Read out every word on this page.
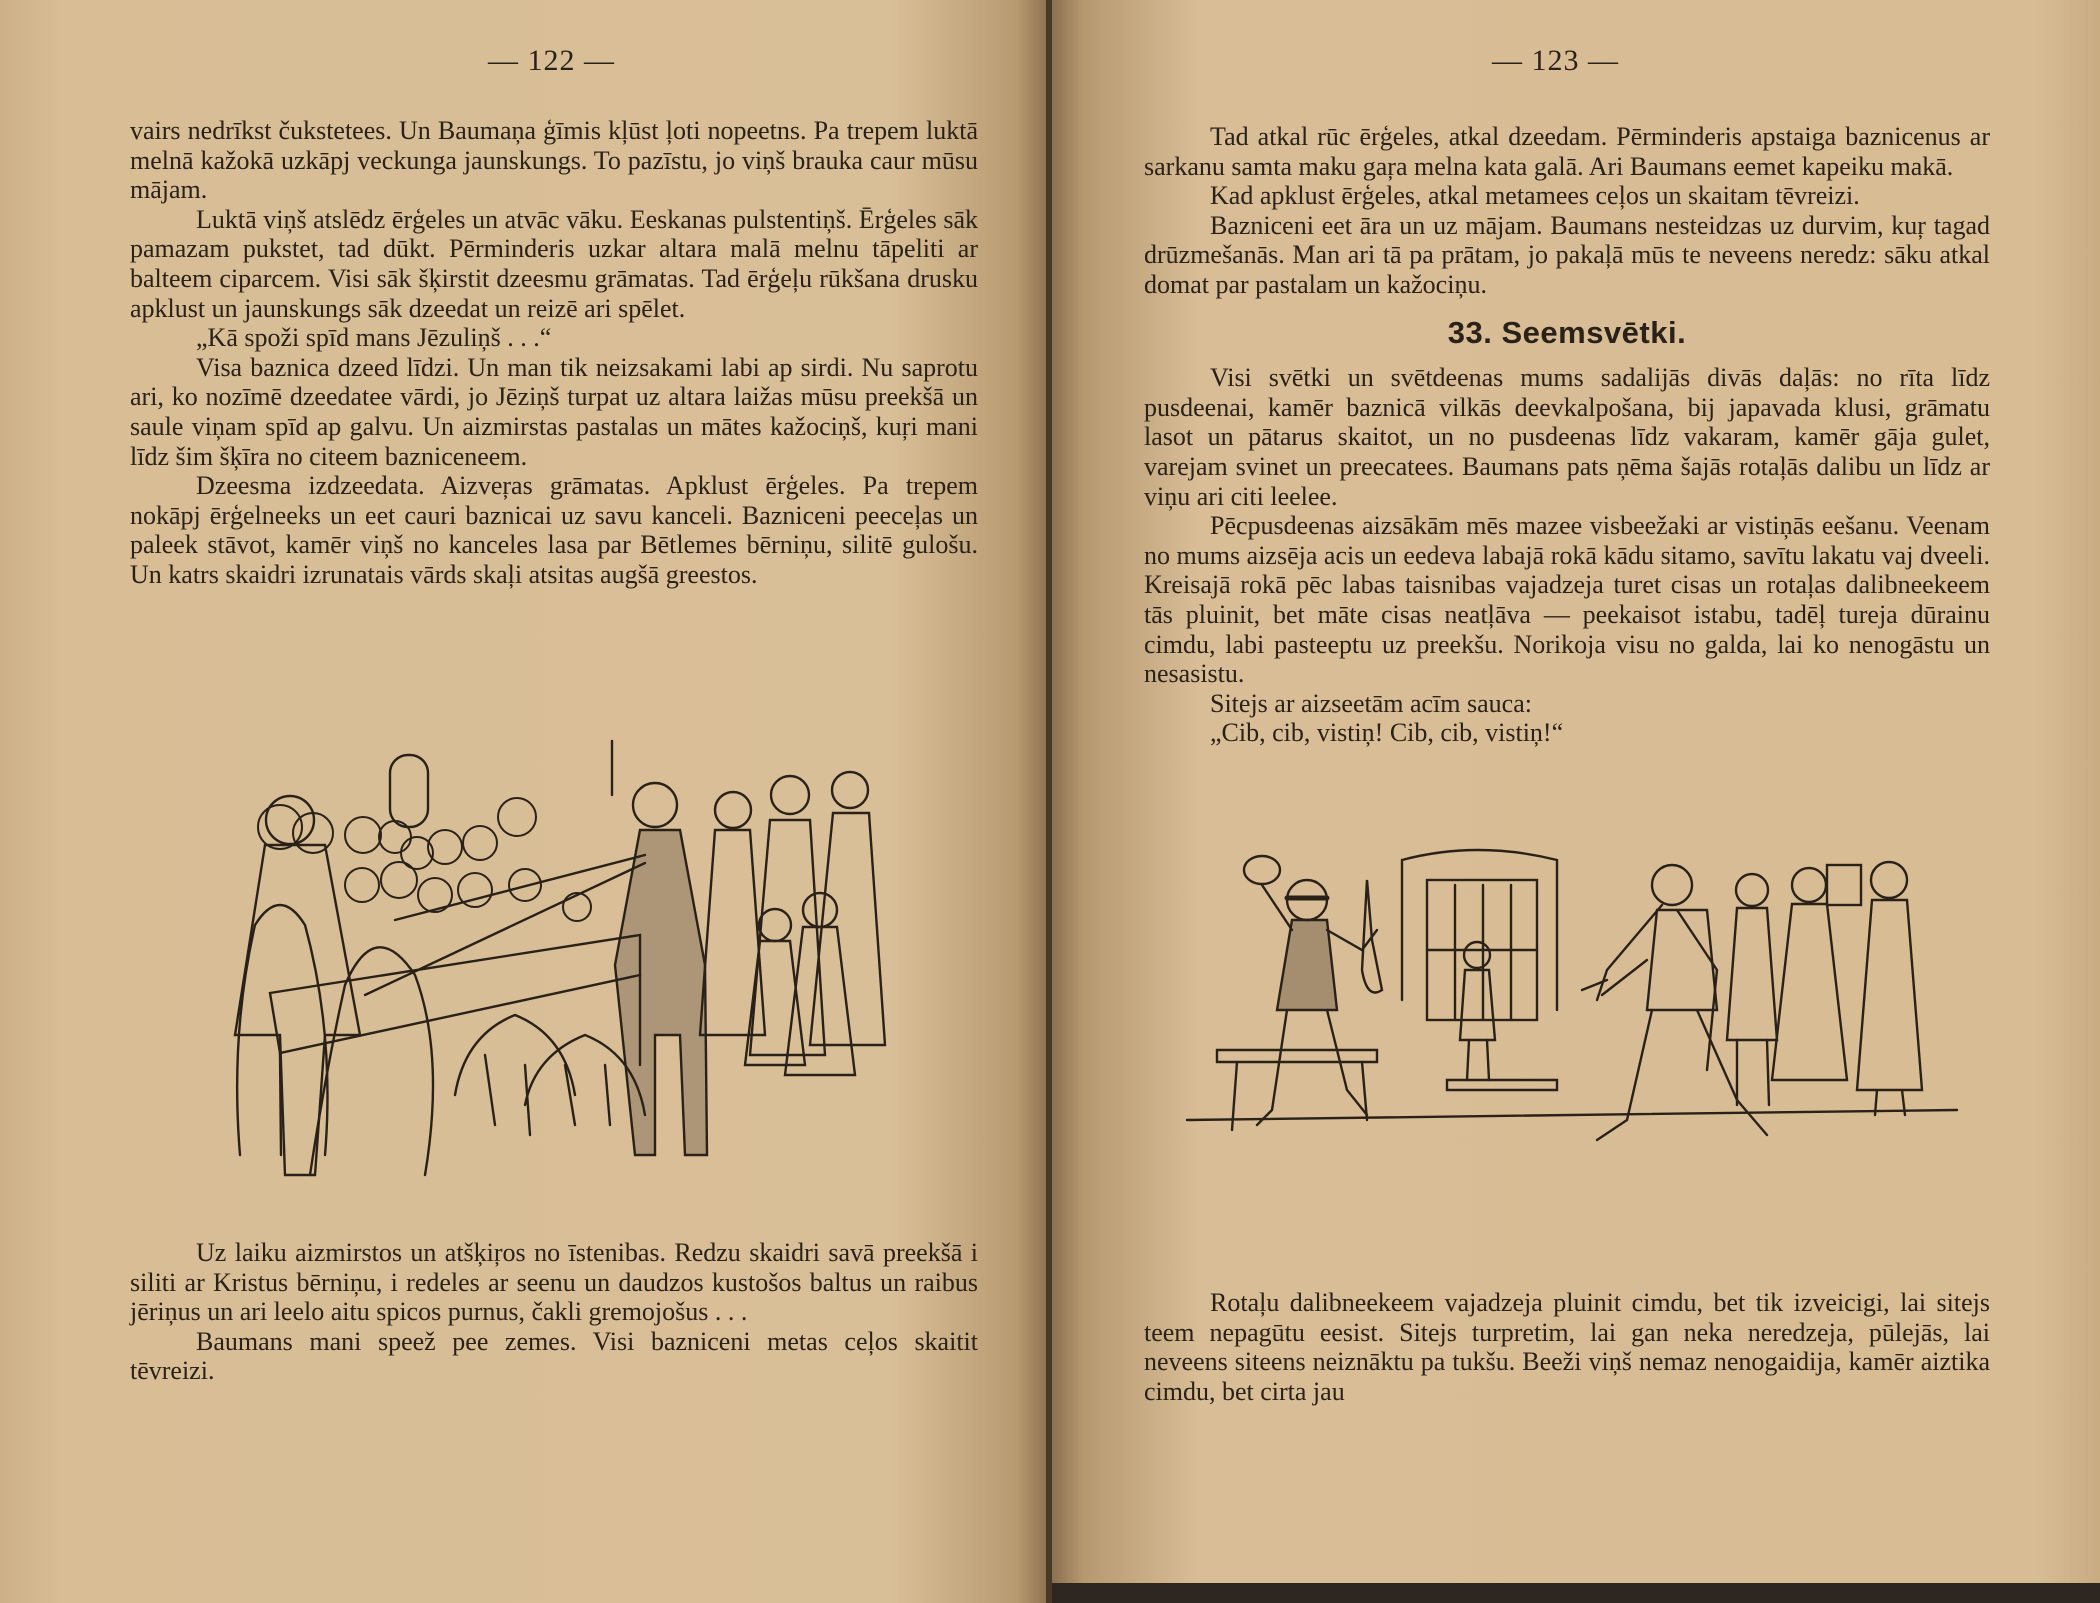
— 122 —

vairs nedrīkst čukstetees. Un Baumaņa ģīmis kļūst ļoti nopeetns. Pa trepem luktā melnā kažokā uzkāpj veckunga jaunskungs. To pazīstu, jo viņš brauka caur mūsu mājam.

Luktā viņš atslēdz ērģeles un atvāc vāku. Eeskanas pulstentiņš. Ērģeles sāk pamazam pukstet, tad dūkt. Pērminderis uzkar altara malā melnu tāpeliti ar balteem ciparcem. Visi sāk šķirstit dzeesmu grāmatas. Tad ērģeļu rūkšana drusku apklust un jaunskungs sāk dzeedat un reizē ari spēlet.

„Kā spoži spīd mans Jēzuliņš . . .“

Visa baznica dzeed līdzi. Un man tik neizsakami labi ap sirdi. Nu saprotu ari, ko nozīmē dzeedatee vārdi, jo Jēziņš turpat uz altara laižas mūsu preekšā un saule viņam spīd ap galvu. Un aizmirstas pastalas un mātes kažociņš, kuŗi mani līdz šim šķīra no citeem bazniceneem.

Dzeesma izdzeedata. Aizveŗas grāmatas. Apklust ērģeles. Pa trepem nokāpj ērģelneeks un eet cauri baznicai uz savu kanceli. Bazniceni peeceļas un paleek stāvot, kamēr viņš no kanceles lasa par Bētlemes bērniņu, silitē gulošu. Un katrs skaidri izrunatais vārds skaļi atsitas augšā greestos.

Uz laiku aizmirstos un atšķiŗos no īstenibas. Redzu skaidri savā preekšā i siliti ar Kristus bērniņu, i redeles ar seenu un daudzos kustošos baltus un raibus jēriņus un ari leelo aitu spicos purnus, čakli gremojošus . . .

Baumans mani speež pee zemes. Visi bazniceni metas ceļos skaitit tēvreizi.

— 123 —

Tad atkal rūc ērģeles, atkal dzeedam. Pērminderis apstaiga baznicenus ar sarkanu samta maku gaŗa melna kata galā. Ari Baumans eemet kapeiku makā.

Kad apklust ērģeles, atkal metamees ceļos un skaitam tēvreizi.

Bazniceni eet āra un uz mājam. Baumans nesteidzas uz durvim, kuŗ tagad drūzmešanās. Man ari tā pa prātam, jo pakaļā mūs te neveens neredz: sāku atkal domat par pastalam un kažociņu.

33. Seemsvētki.

Visi svētki un svētdeenas mums sadalijās divās daļās: no rīta līdz pusdeenai, kamēr baznicā vilkās deevkalpošana, bij japavada klusi, grāmatu lasot un pātarus skaitot, un no pusdeenas līdz vakaram, kamēr gāja gulet, varejam svinet un preecatees. Baumans pats ņēma šajās rotaļās dalibu un līdz ar viņu ari citi leelee.

Pēcpusdeenas aizsākām mēs mazee visbeežaki ar vistiņās eešanu. Veenam no mums aizsēja acis un eedeva labajā rokā kādu sitamo, savītu lakatu vaj dveeli. Kreisajā rokā pēc labas taisnibas vajadzeja turet cisas un rotaļas dalibneekeem tās pluinit, bet māte cisas neatļāva — peekaisot istabu, tadēļ tureja dūrainu cimdu, labi pasteeptu uz preekšu. Norikoja visu no galda, lai ko nenogāstu un nesasistu.

Sitejs ar aizseetām acīm sauca:

„Cib, cib, vistiņ! Cib, cib, vistiņ!“

Rotaļu dalibneekeem vajadzeja pluinit cimdu, bet tik izveicigi, lai sitejs teem nepagūtu eesist. Sitejs turpretim, lai gan neka neredzeja, pūlejās, lai neveens siteens neiznāktu pa tukšu. Beeži viņš nemaz nenogaidija, kamēr aiztika cimdu, bet cirta jau
